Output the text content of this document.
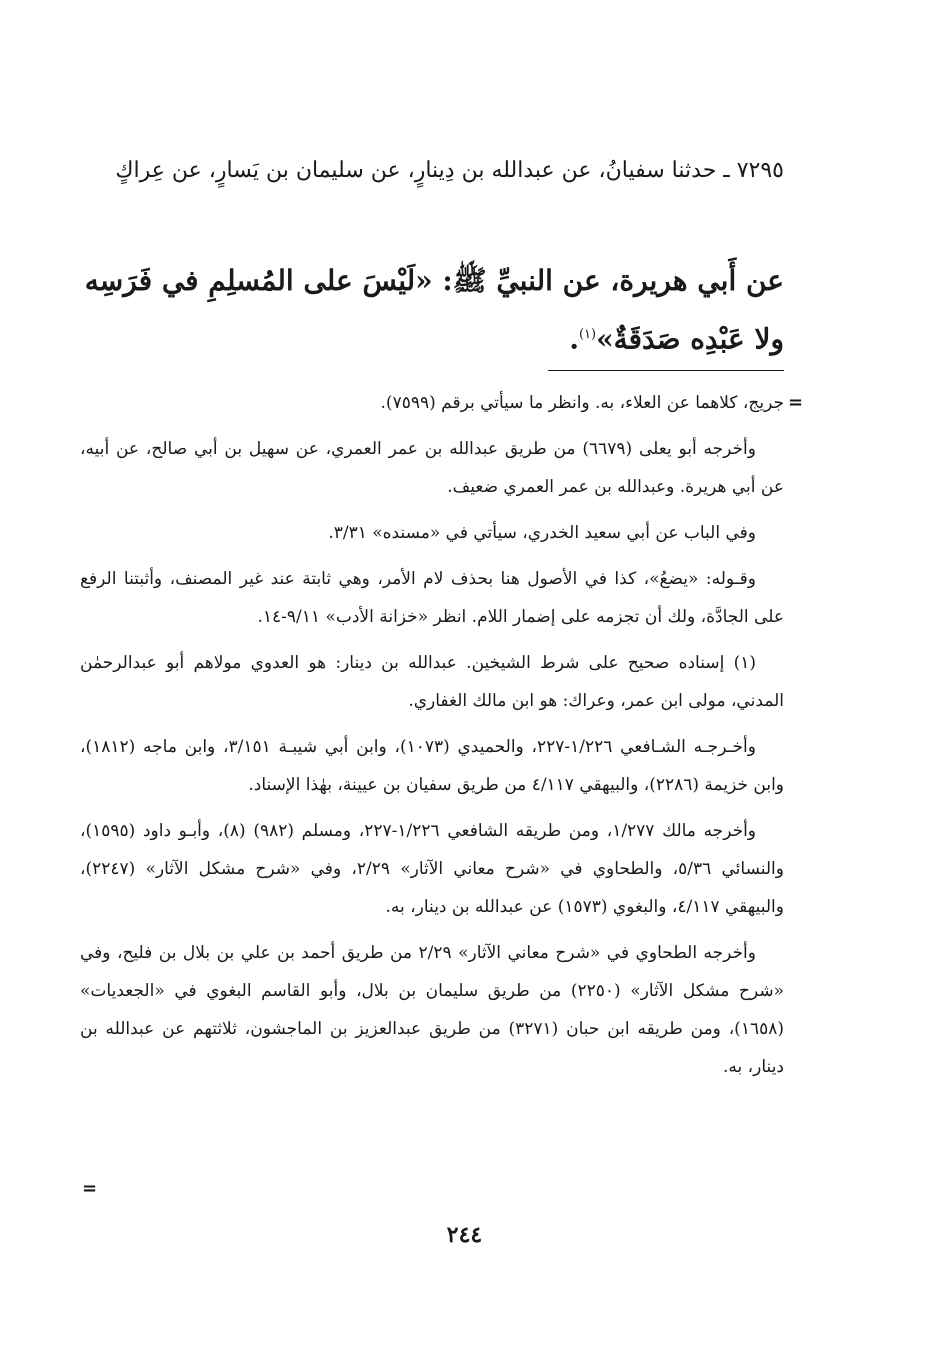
٧٢٩٥ ـ حدثنا سفيانُ، عن عبدالله بن دِينارٍ، عن سليمان بن يَسارٍ، عن عِراكٍ

عن أَبي هريرة، عن النبيِّ ﷺ: «لَيْسَ على المُسلِمِ في فَرَسِه ولا عَبْدِه صَدَقَةٌ»$^{(١)}$.

=

جريج، كلاهما عن العلاء، به. وانظر ما سيأتي برقم (٧٥٩٩).

وأخرجه أبو يعلى (٦٦٧٩) من طريق عبدالله بن عمر العمري، عن سهيل بن أبي صالح، عن أبيه، عن أبي هريرة. وعبدالله بن عمر العمري ضعيف.

وفي الباب عن أبي سعيد الخدري، سيأتي في «مسنده» ٣/٣١.

وقـوله: «يضعُ»، كذا في الأصول هنا بحذف لام الأمر، وهي ثابتة عند غير المصنف، وأثبتنا الرفع على الجادَّة، ولك أن تجزمه على إضمار اللام. انظر «خزانة الأدب» ٩/١١-١٤.

(١) إسناده صحيح على شرط الشيخين. عبدالله بن دينار: هو العدوي مولاهم أبو عبدالرحمٰن المدني، مولى ابن عمر، وعراك: هو ابن مالك الغفاري.

وأخـرجـه الشـافعي ١/٢٢٦-٢٢٧، والحميدي (١٠٧٣)، وابن أبي شيبـة ٣/١٥١، وابن ماجه (١٨١٢)، وابن خزيمة (٢٢٨٦)، والبيهقي ٤/١١٧ من طريق سفيان بن عيينة، بهٰذا الإسناد.

وأخرجه مالك ١/٢٧٧، ومن طريقه الشافعي ١/٢٢٦-٢٢٧، ومسلم (٩٨٢) (٨)، وأبـو داود (١٥٩٥)، والنسائي ٥/٣٦، والطحاوي في «شرح معاني الآثار» ٢/٢٩، وفي «شرح مشكل الآثار» (٢٢٤٧)، والبيهقي ٤/١١٧، والبغوي (١٥٧٣) عن عبدالله بن دينار، به.

وأخرجه الطحاوي في «شرح معاني الآثار» ٢/٢٩ من طريق أحمد بن علي بن بلال بن فليح، وفي «شرح مشكل الآثار» (٢٢٥٠) من طريق سليمان بن بلال، وأبو القاسم البغوي في «الجعديات» (١٦٥٨)، ومن طريقه ابن حبان (٣٢٧١) من طريق عبدالعزيز بن الماجشون، ثلاثتهم عن عبدالله بن دينار، به.

=
٢٤٤
